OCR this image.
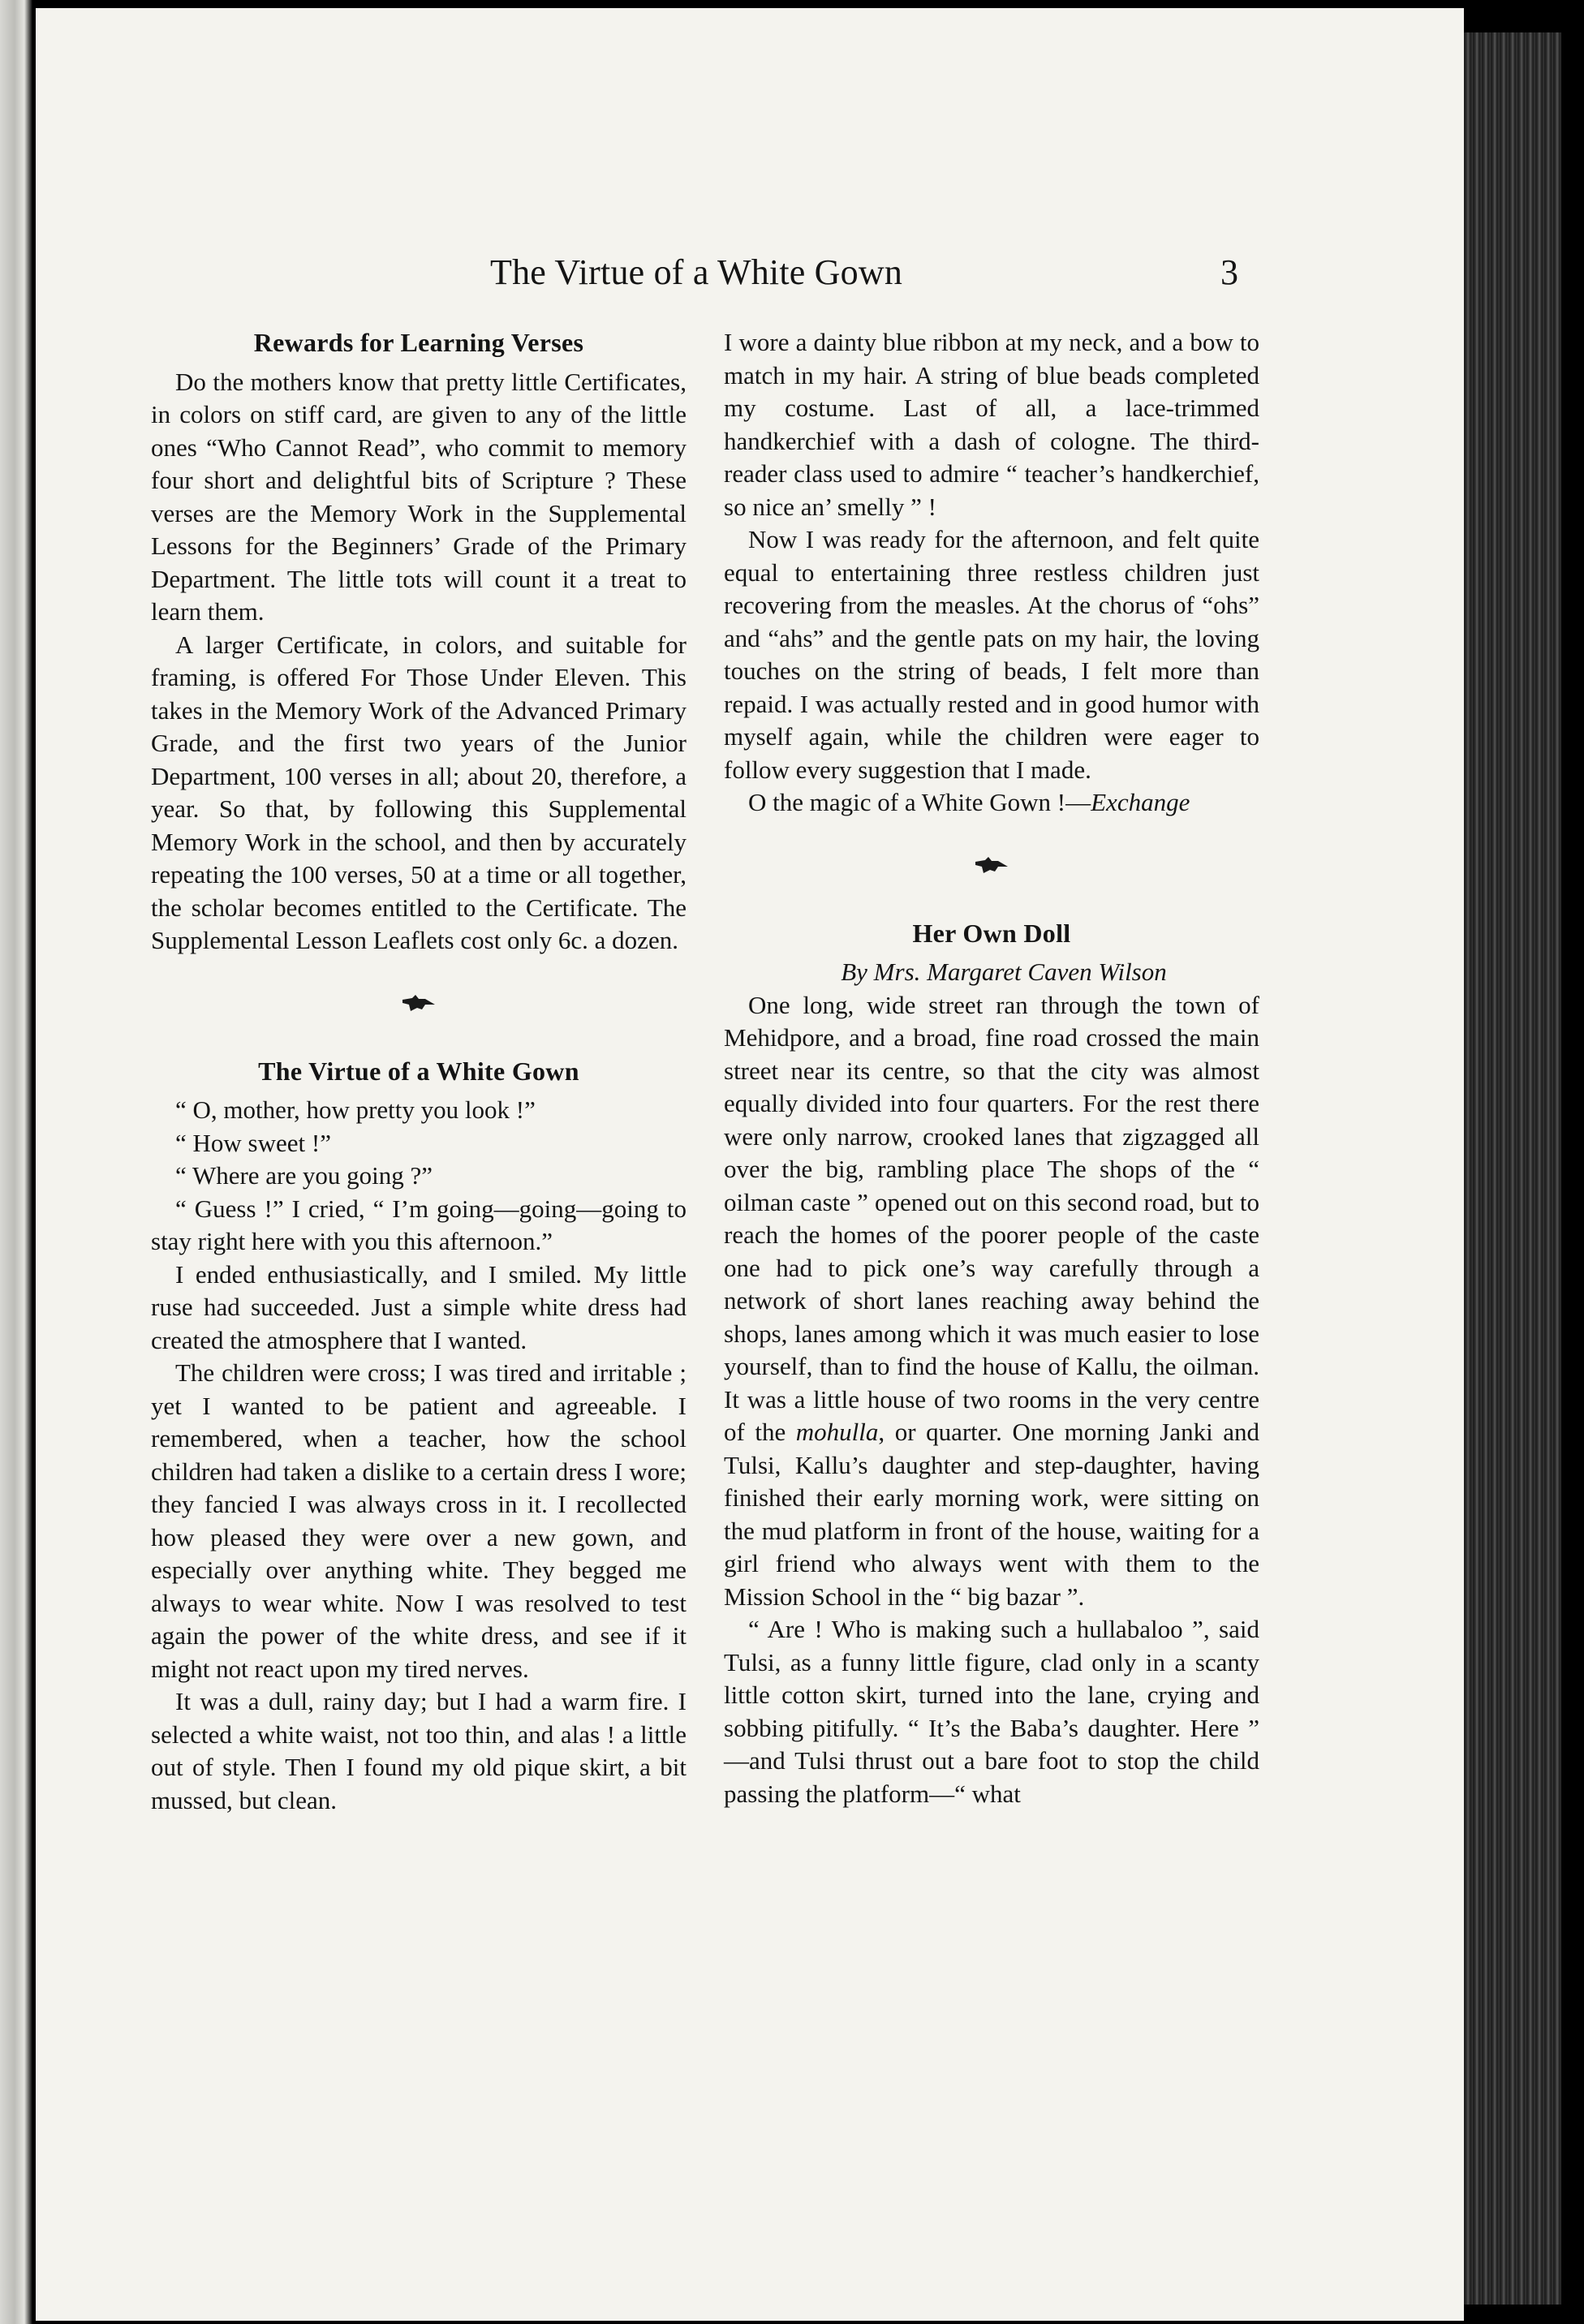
The Virtue of a White Gown	3
Rewards for Learning Verses

Do the mothers know that pretty little Certificates, in colors on stiff card, are given to any of the little ones “Who Cannot Read”, who commit to memory four short and delightful bits of Scripture ? These verses are the Memory Work in the Supplemental Lessons for the Beginners’ Grade of the Primary Department. The little tots will count it a treat to learn them.

A larger Certificate, in colors, and suitable for framing, is offered For Those Under Eleven. This takes in the Memory Work of the Advanced Primary Grade, and the first two years of the Junior Department, 100 verses in all; about 20, therefore, a year. So that, by following this Supplemental Memory Work in the school, and then by accurately repeating the 100 verses, 50 at a time or all together, the scholar becomes entitled to the Certificate. The Supplemental Lesson Leaflets cost only 6c. a dozen.

The Virtue of a White Gown

“ O, mother, how pretty you look !”

“ How sweet !”

“ Where are you going ?”

“ Guess !” I cried, “ I’m going—going—going to stay right here with you this afternoon.”

I ended enthusiastically, and I smiled. My little ruse had succeeded. Just a simple white dress had created the atmosphere that I wanted.

The children were cross; I was tired and irritable ; yet I wanted to be patient and agreeable. I remembered, when a teacher, how the school children had taken a dislike to a certain dress I wore; they fancied I was always cross in it. I recollected how pleased they were over a new gown, and especially over anything white. They begged me always to wear white. Now I was resolved to test again the power of the white dress, and see if it might not react upon my tired nerves.

It was a dull, rainy day; but I had a warm fire. I selected a white waist, not too thin, and alas ! a little out of style. Then I found my old pique skirt, a bit mussed, but clean.

I wore a dainty blue ribbon at my neck, and a bow to match in my hair. A string of blue beads completed my costume. Last of all, a lace-trimmed handkerchief with a dash of cologne. The third-reader class used to admire “ teacher’s handkerchief, so nice an’ smelly ” !

Now I was ready for the afternoon, and felt quite equal to entertaining three restless children just recovering from the measles. At the chorus of “ohs” and “ahs” and the gentle pats on my hair, the loving touches on the string of beads, I felt more than repaid. I was actually rested and in good humor with myself again, while the children were eager to follow every suggestion that I made.

O the magic of a White Gown !—Exchange

Her Own Doll

By Mrs. Margaret Caven Wilson

One long, wide street ran through the town of Mehidpore, and a broad, fine road crossed the main street near its centre, so that the city was almost equally divided into four quarters. For the rest there were only narrow, crooked lanes that zigzagged all over the big, rambling place The shops of the “ oilman caste ” opened out on this second road, but to reach the homes of the poorer people of the caste one had to pick one’s way carefully through a network of short lanes reaching away behind the shops, lanes among which it was much easier to lose yourself, than to find the house of Kallu, the oilman. It was a little house of two rooms in the very centre of the mohulla, or quarter. One morning Janki and Tulsi, Kallu’s daughter and step-daughter, having finished their early morning work, were sitting on the mud platform in front of the house, waiting for a girl friend who always went with them to the Mission School in the “ big bazar ”.

“ Are ! Who is making such a hullabaloo ”, said Tulsi, as a funny little figure, clad only in a scanty little cotton skirt, turned into the lane, crying and sobbing pitifully. “ It’s the Baba’s daughter. Here ” —and Tulsi thrust out a bare foot to stop the child passing the platform—“ what
